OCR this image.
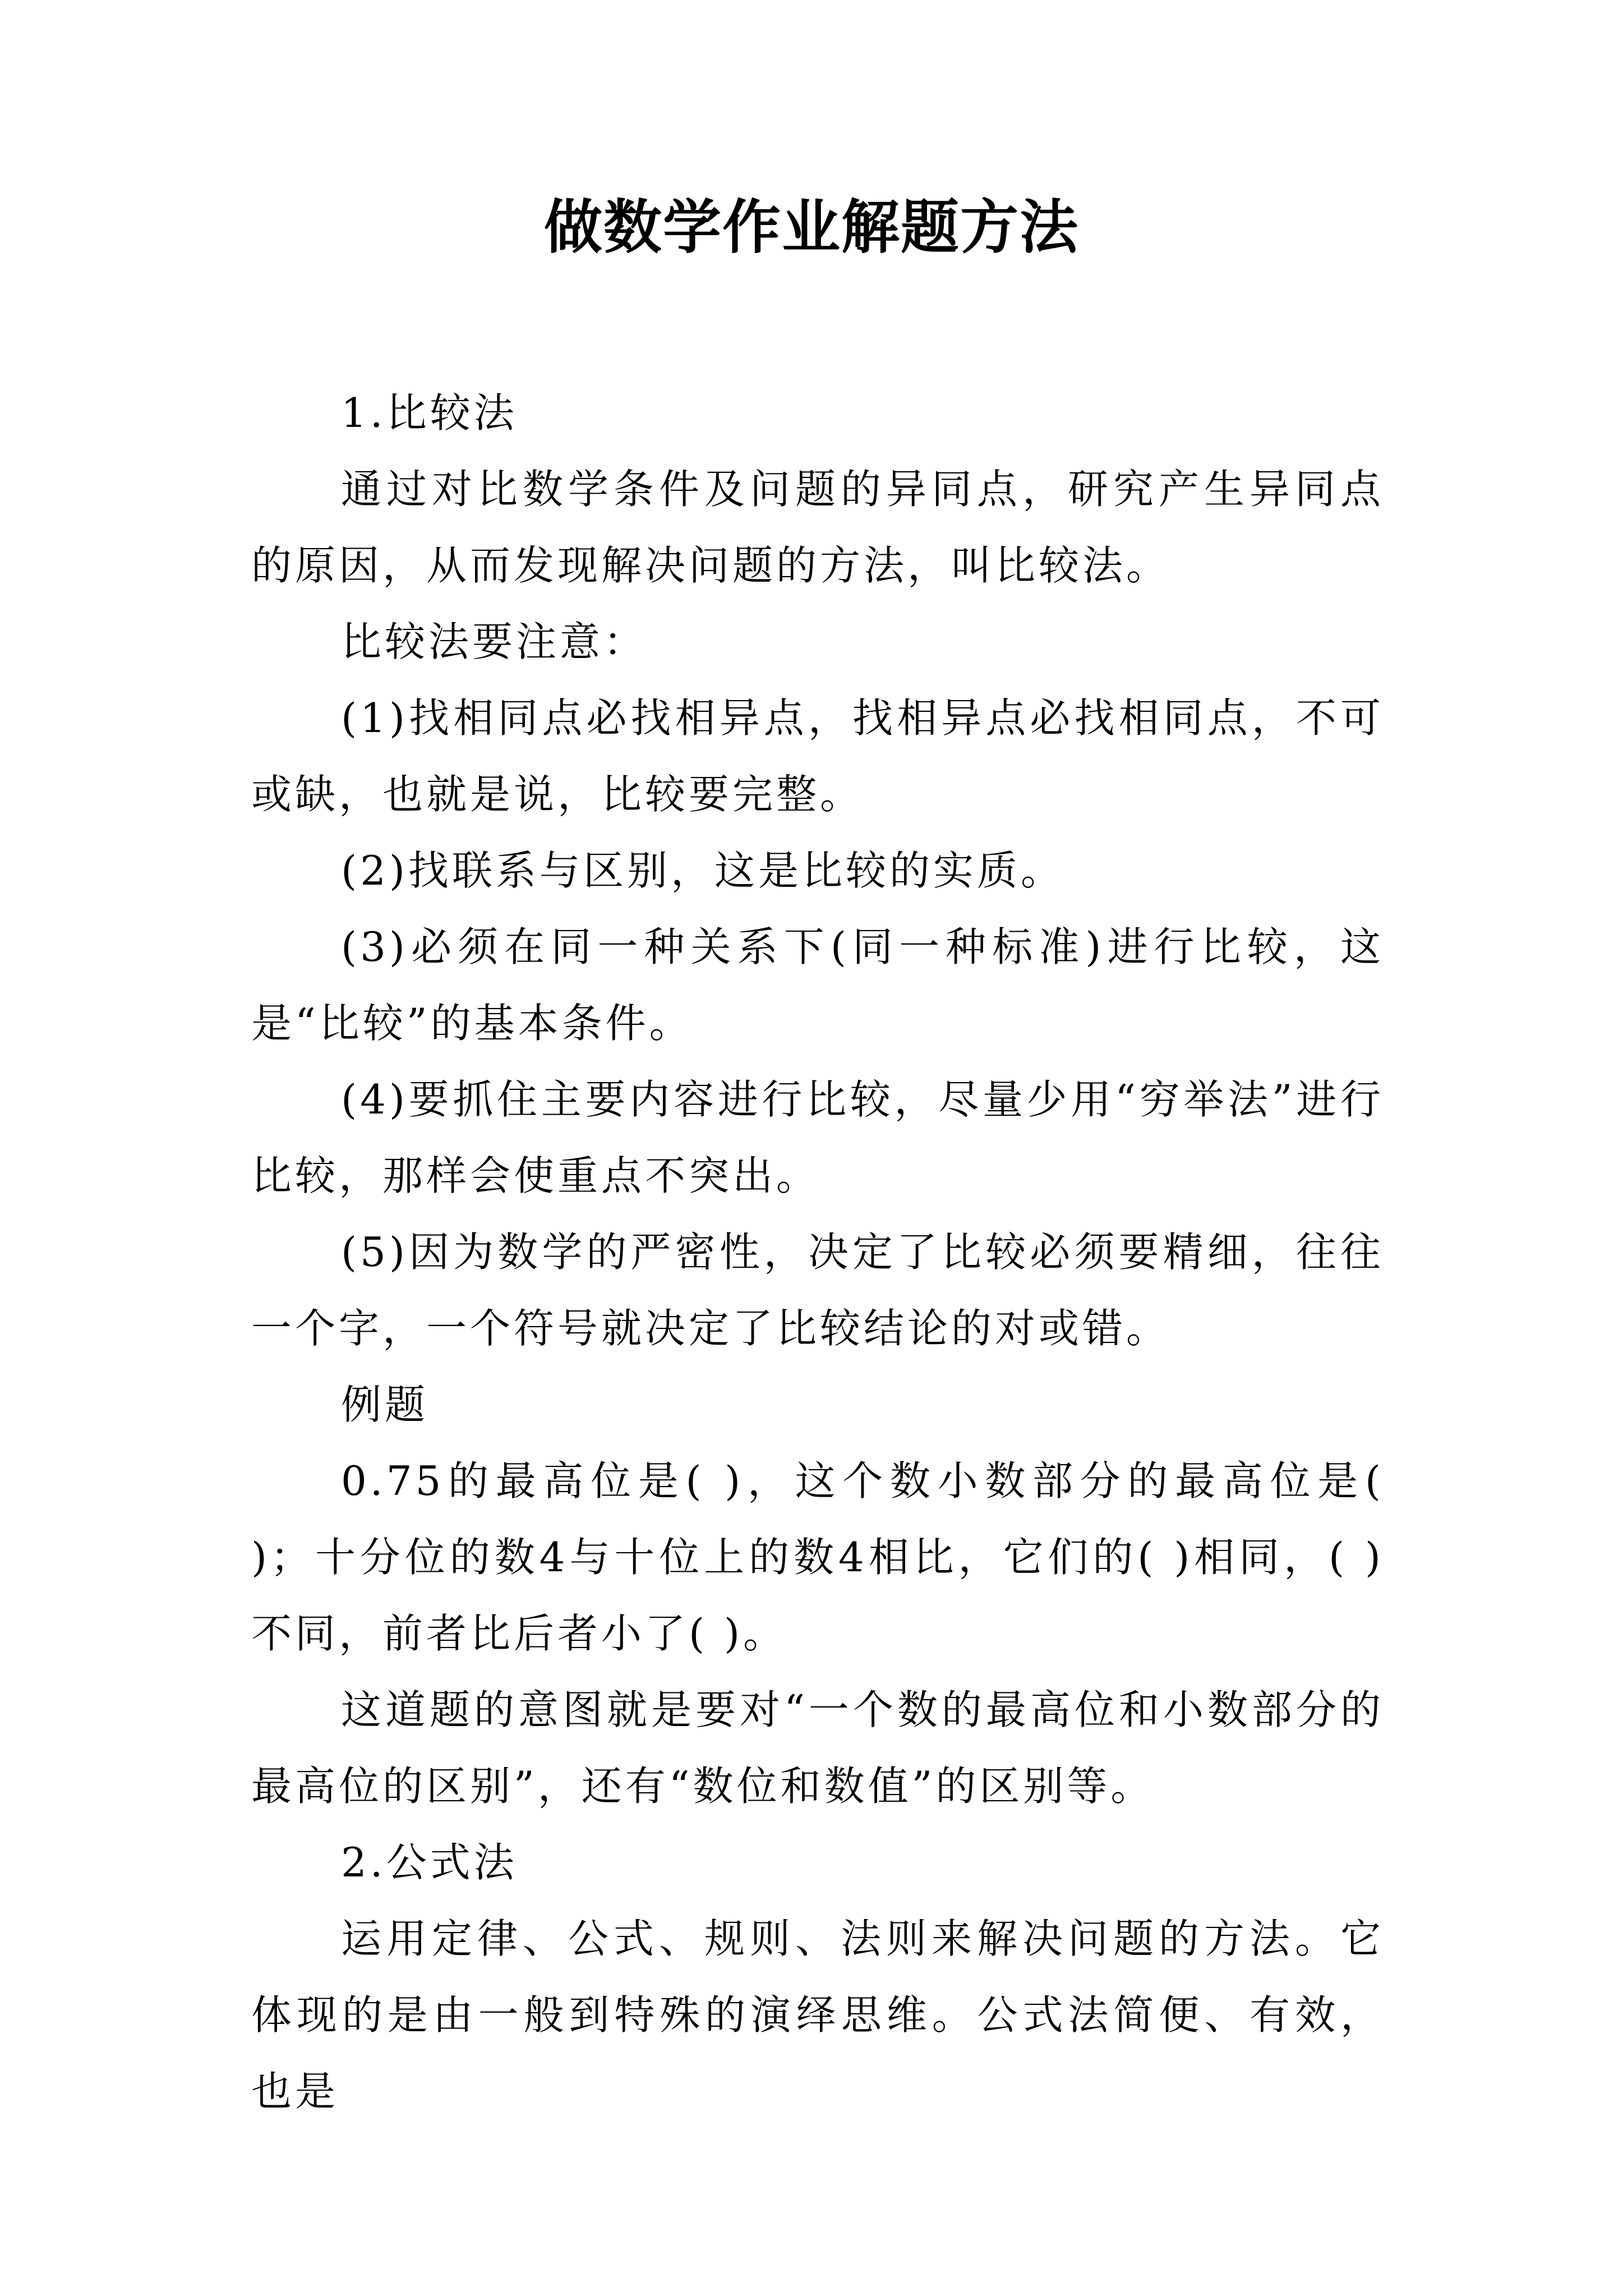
做数学作业解题方法

1.比较法

通过对比数学条件及问题的异同点，研究产生异同点的原因，从而发现解决问题的方法，叫比较法。

比较法要注意：

(1)找相同点必找相异点，找相异点必找相同点，不可或缺，也就是说，比较要完整。

(2)找联系与区别，这是比较的实质。

(3)必须在同一种关系下(同一种标准)进行比较，这是“比较”的基本条件。

(4)要抓住主要内容进行比较，尽量少用“穷举法”进行比较，那样会使重点不突出。

(5)因为数学的严密性，决定了比较必须要精细，往往一个字，一个符号就决定了比较结论的对或错。

例题

0.75的最高位是( )，这个数小数部分的最高位是( )；十分位的数4与十位上的数4相比，它们的( )相同，( )不同，前者比后者小了( )。

这道题的意图就是要对“一个数的最高位和小数部分的最高位的区别”，还有“数位和数值”的区别等。

2.公式法

运用定律、公式、规则、法则来解决问题的方法。它体现的是由一般到特殊的演绎思维。公式法简便、有效，也是
